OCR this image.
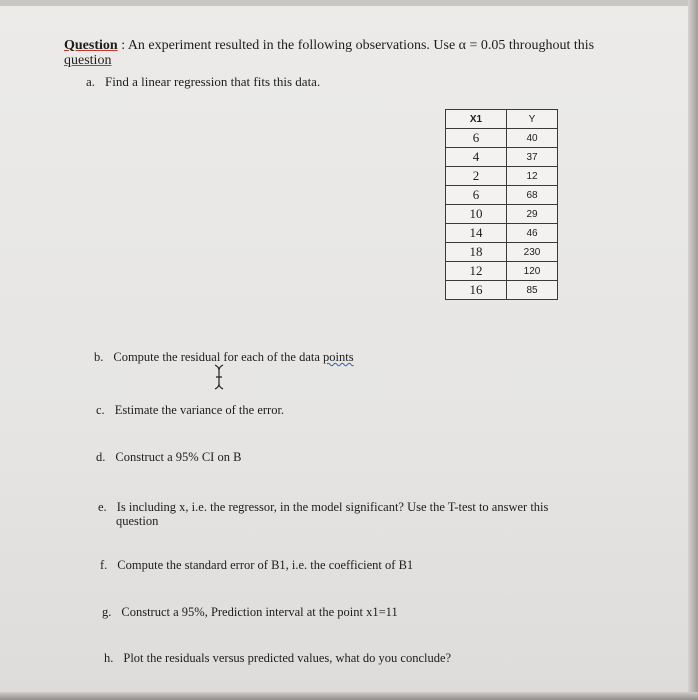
Question : An experiment resulted in the following observations. Use α = 0.05 throughout this
question
a. Find a linear regression that fits this data.
X1	Y
6	40
4	37
2	12
6	68
10	29
14	46
18	230
12	120
16	85
b. Compute the residual for each of the data points
c. Estimate the variance of the error.
d. Construct a 95% CI on B
e. Is including x, i.e. the regressor, in the model significant? Use the T-test to answer this
question
f. Compute the standard error of B1, i.e. the coefficient of B1
g. Construct a 95%, Prediction interval at the point x1=11
h. Plot the residuals versus predicted values, what do you conclude?
